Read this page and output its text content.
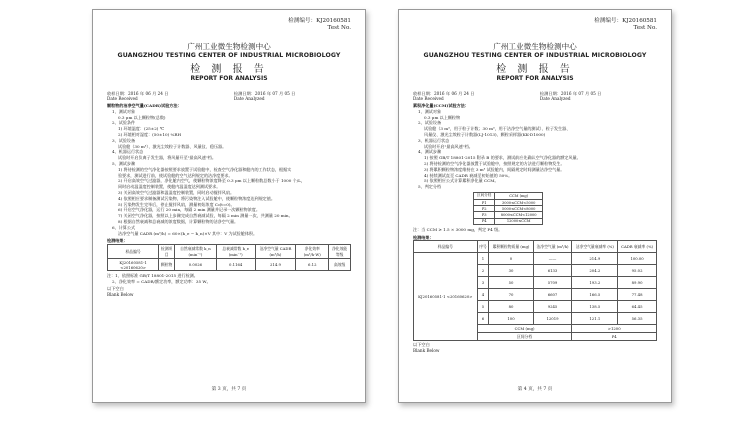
检测编号：KJ20160581
Test No.
广州工业微生物检测中心
GUANGZHOU TESTING CENTER OF INDUSTRIAL MICROBIOLOGY
检 测 报 告
REPORT FOR ANALYSIS
收样日期：2016 年 06 月 24 日
Date Received
检测日期：2016 年 07 月 05 日
Date Analyzed
颗粒物的洁净空气量(CADR)试验方法：
1、测试对象
0.3 μm 以上颗粒物(总数)
2、试验条件
1) 环境温度：(25±2) ℃
2) 环境相对湿度：(50±10) %RH
3、试验设备
试验舱（30 m³）、激光尘埃粒子计数器、风量仪、稳压器。
4、机器运行状态
试验时开启负离子发生器，将风量开至"最高风速"档。
5、测试步骤
1) 将待检测的空气净化器按照要求放置于试验舱中，检查空气净化器和舱内的工作状态，根据实
验要求，测试进行前，使试验舱的空气达到规定的洁净度要求。
2) 开启高效空气过滤器，净化舱内空气，使颗粒物浓度降至 0.3 μm 以上颗粒数总数小于 1000 个/L，
同时启动温湿度控制装置，使舱内温湿度达到测试要求。
3) 关闭高效空气过滤器和温湿度控制装置，同时启动搅拌风扇。
4) 依照相应要求制备测试污染物，将污染物注入试验舱中，使颗粒物浓度达到规定值。
5) 污染物发生完毕后，停止搅拌风扇，测量初始浓度 C₀(t=0)。
6) 开启空气净化器，运行 20 min，每隔 2 min 测量并记录一次颗粒物浓度。
7) 关闭空气净化器，按照以上步骤完成自然衰减试验，每隔 2 min 测量一次，共测量 20 min。
8) 根据自然衰减和总衰减的浓度数据，计算颗粒物的洁净空气量。
6、计算公式
洁净空气量 CADR (m³/h) = 60×(k_e − k_n)×V 其中：V 为试验舱体积。
检测结果：
样品编号	检测项目	自然衰减常数 k_n (min⁻¹)	总衰减常数 k_e (min⁻¹)	洁净空气量 CADR (m³/h)	净化效率 (m³/h·W)	净化效能等级
KJ20160581-1 <20160620>	颗粒物	0.0026	0.1164	214.9	6.12	高效级
注：1、依照标准 GB/T 18801-2015 进行检测。
2、净化效率 = CADR/额定功率，额定功率：35 W。
以下空白
Blank Below
第 3 页，共 7 页
检测编号：KJ20160581
Test No.
广州工业微生物检测中心
GUANGZHOU TESTING CENTER OF INDUSTRIAL MICROBIOLOGY
检 测 报 告
REPORT FOR ANALYSIS
收样日期：2016 年 06 月 24 日
Date Received
检测日期：2016 年 07 月 05 日
Date Analyzed
累积净化量(CCM)试验方法：
1、测试对象
0.3 μm 以上颗粒物
2、试验设备
试验舱（3 m³，用于粒子计数；30 m³，用于洁净空气量的测试）、粒子发生器、
风量仪、激光尘埃粒子计数器(LJ-1013)、颗粒采样器(KK-D1000)
3、机器运行状态
试验时开启"最高风速"档。
4、测试步骤
1) 按照 GB/T 18801-2015 附录 B 的要求，测试前应先确认空气净化器的额定风量。
2) 将待检测的空气净化器放置于试验舱中，按照规定的方法进行颗粒物发生。
3) 将累积颗粒物浓度维持在 3 m³ 试验舱内，间隔规定时间测量洁净空气量。
4) 持续测试直至 CADR 衰减至初始值的 50%。
5) 依照相应公式计算累积净化量 CCM。
5、判定分档
区间分档	CCM (mg)
P1	3000≤CCM<5000
P2	5000≤CCM<8000
P3	8000≤CCM<12000
P4	12000≤CCM
注：当 CCM ≥ 1.5 × 3000 mg，判定 P4 级。
检测结果：
样品编号	序号	累积颗粒物质量 (mg)	洁净空气量 (m³/h)	洁净空气量衰减率 (%)	CADR 衰减率 (%)
KJ20160581-1 <20160620>	1	0	——	214.9	100.00
	2	30	6133	204.2	95.02
	3	50	5709	193.2	89.90
	4	70	6607	166.5	77.48
	5	80	9245	138.5	64.45
	6	100	12019	121.1	56.35
	CCM (mg)			>1200	
	区间分档			P4	
以下空白
Blank Below
第 4 页，共 7 页
